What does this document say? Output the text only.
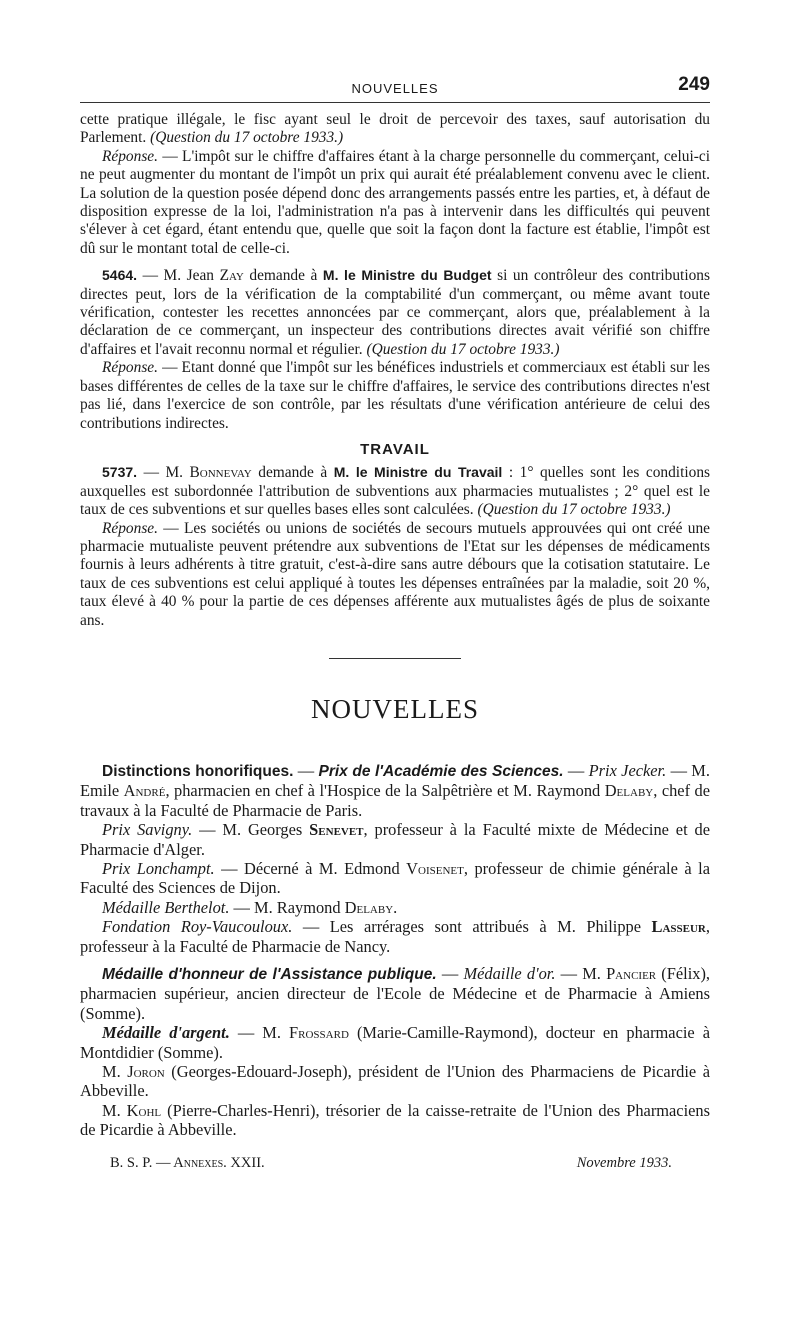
NOUVELLES	249

cette pratique illégale, le fisc ayant seul le droit de percevoir des taxes, sauf autorisation du Parlement. (Question du 17 octobre 1933.)

Réponse. — L'impôt sur le chiffre d'affaires étant à la charge personnelle du commerçant, celui-ci ne peut augmenter du montant de l'impôt un prix qui aurait été préalablement convenu avec le client. La solution de la question posée dépend donc des arrangements passés entre les parties, et, à défaut de disposition expresse de la loi, l'administration n'a pas à intervenir dans les difficultés qui peuvent s'élever à cet égard, étant entendu que, quelle que soit la façon dont la facture est établie, l'impôt est dû sur le montant total de celle-ci.

5464. — M. Jean Zay demande à M. le Ministre du Budget si un contrôleur des contributions directes peut, lors de la vérification de la comptabilité d'un commerçant, ou même avant toute vérification, contester les recettes annoncées par ce commerçant, alors que, préalablement à la déclaration de ce commerçant, un inspecteur des contributions directes avait vérifié son chiffre d'affaires et l'avait reconnu normal et régulier. (Question du 17 octobre 1933.)

Réponse. — Etant donné que l'impôt sur les bénéfices industriels et commerciaux est établi sur les bases différentes de celles de la taxe sur le chiffre d'affaires, le service des contributions directes n'est pas lié, dans l'exercice de son contrôle, par les résultats d'une vérification antérieure de celui des contributions indirectes.

TRAVAIL

5737. — M. Bonnevay demande à M. le Ministre du Travail : 1° quelles sont les conditions auxquelles est subordonnée l'attribution de subventions aux pharmacies mutualistes ; 2° quel est le taux de ces subventions et sur quelles bases elles sont calculées. (Question du 17 octobre 1933.)

Réponse. — Les sociétés ou unions de sociétés de secours mutuels approuvées qui ont créé une pharmacie mutualiste peuvent prétendre aux subventions de l'Etat sur les dépenses de médicaments fournis à leurs adhérents à titre gratuit, c'est-à-dire sans autre débours que la cotisation statutaire. Le taux de ces subventions est celui appliqué à toutes les dépenses entraînées par la maladie, soit 20 %, taux élevé à 40 % pour la partie de ces dépenses afférente aux mutualistes âgés de plus de soixante ans.

NOUVELLES

Distinctions honorifiques. — Prix de l'Académie des Sciences. — Prix Jecker. — M. Emile André, pharmacien en chef à l'Hospice de la Salpêtrière et M. Raymond Delaby, chef de travaux à la Faculté de Pharmacie de Paris.

Prix Savigny. — M. Georges Senevet, professeur à la Faculté mixte de Médecine et de Pharmacie d'Alger.

Prix Lonchampt. — Décerné à M. Edmond Voisenet, professeur de chimie générale à la Faculté des Sciences de Dijon.

Médaille Berthelot. — M. Raymond Delaby.

Fondation Roy-Vaucouloux. — Les arrérages sont attribués à M. Philippe Lasseur, professeur à la Faculté de Pharmacie de Nancy.

Médaille d'honneur de l'Assistance publique. — Médaille d'or. — M. Pancier (Félix), pharmacien supérieur, ancien directeur de l'Ecole de Médecine et de Pharmacie à Amiens (Somme).

Médaille d'argent. — M. Frossard (Marie-Camille-Raymond), docteur en pharmacie à Montdidier (Somme).

M. Joron (Georges-Edouard-Joseph), président de l'Union des Pharmaciens de Picardie à Abbeville.

M. Kohl (Pierre-Charles-Henri), trésorier de la caisse-retraite de l'Union des Pharmaciens de Picardie à Abbeville.

B. S. P. — Annexes. XXII.	Novembre 1933.
